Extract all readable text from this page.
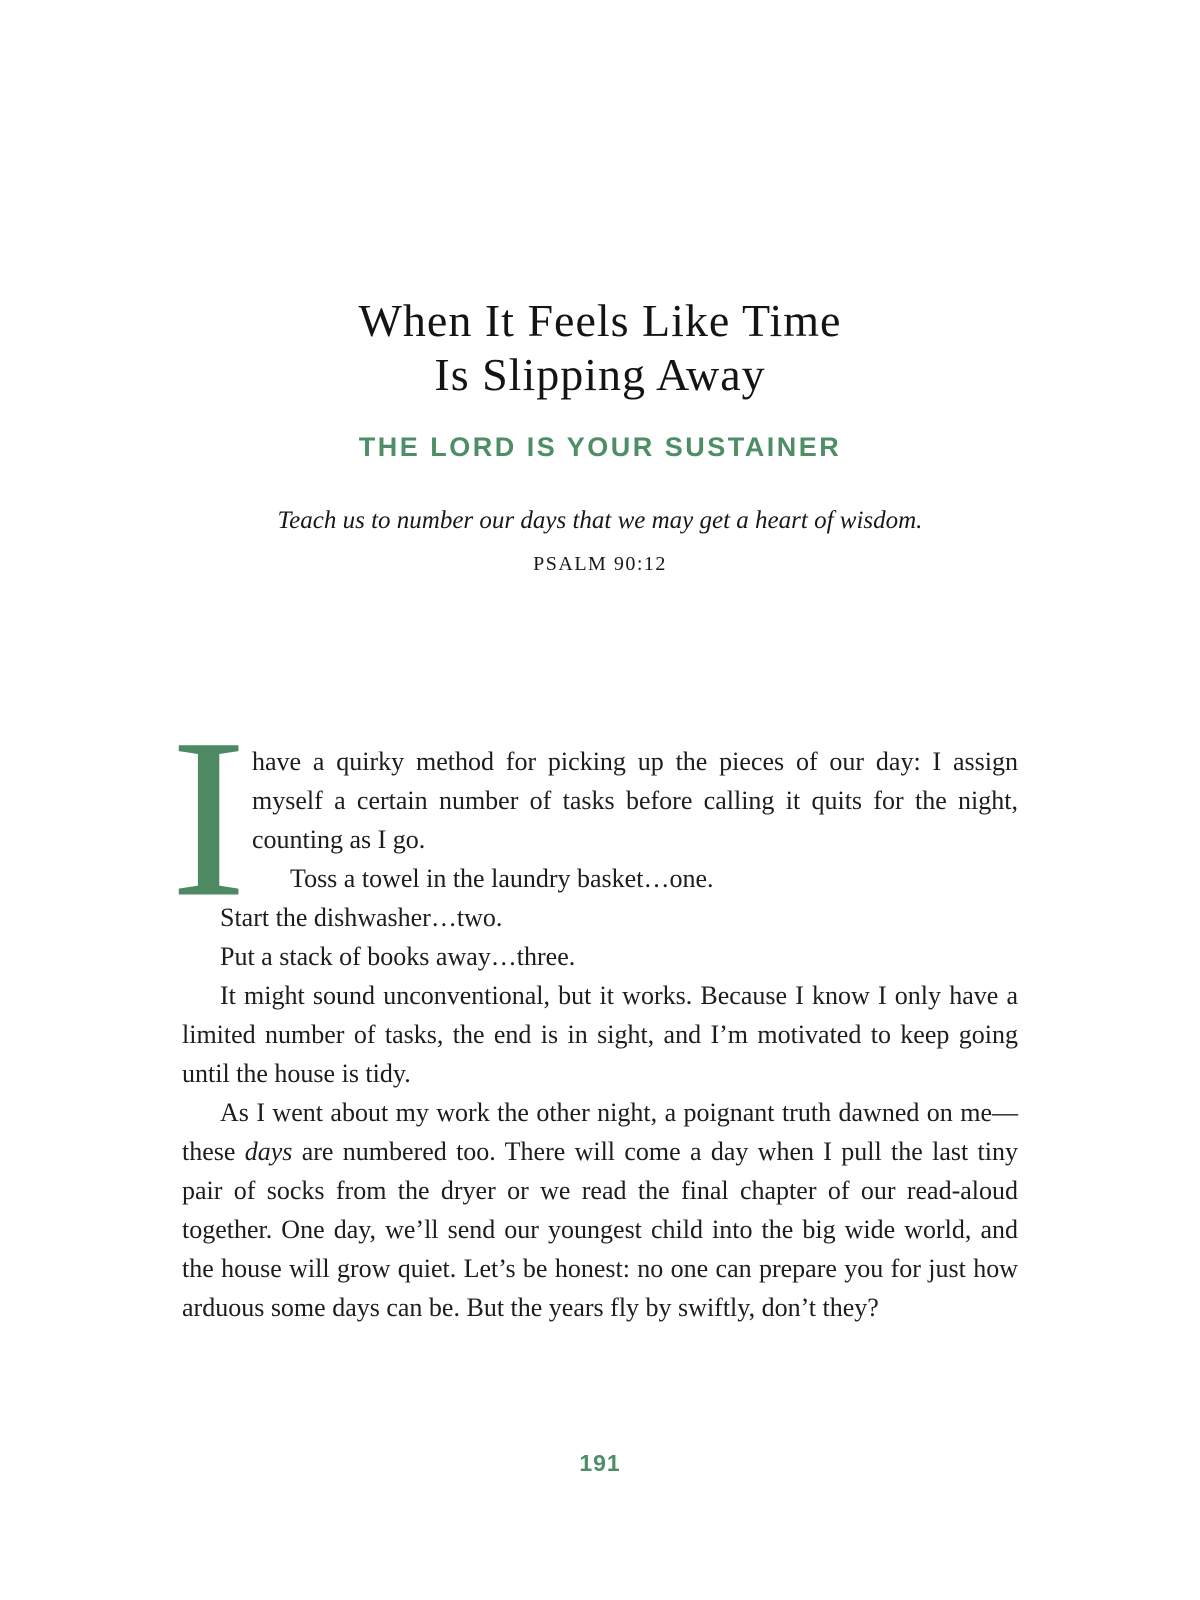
When It Feels Like Time
Is Slipping Away
THE LORD IS YOUR SUSTAINER
Teach us to number our days that we may get a heart of wisdom.
PSALM 90:12

I have a quirky method for picking up the pieces of our day: I assign myself a certain number of tasks before calling it quits for the night, counting as I go.

Toss a towel in the laundry basket…one.

Start the dishwasher…two.

Put a stack of books away…three.

It might sound unconventional, but it works. Because I know I only have a limited number of tasks, the end is in sight, and I’m motivated to keep going until the house is tidy.

As I went about my work the other night, a poignant truth dawned on me—these days are numbered too. There will come a day when I pull the last tiny pair of socks from the dryer or we read the final chapter of our read-aloud together. One day, we’ll send our youngest child into the big wide world, and the house will grow quiet. Let’s be honest: no one can prepare you for just how arduous some days can be. But the years fly by swiftly, don’t they?

191
